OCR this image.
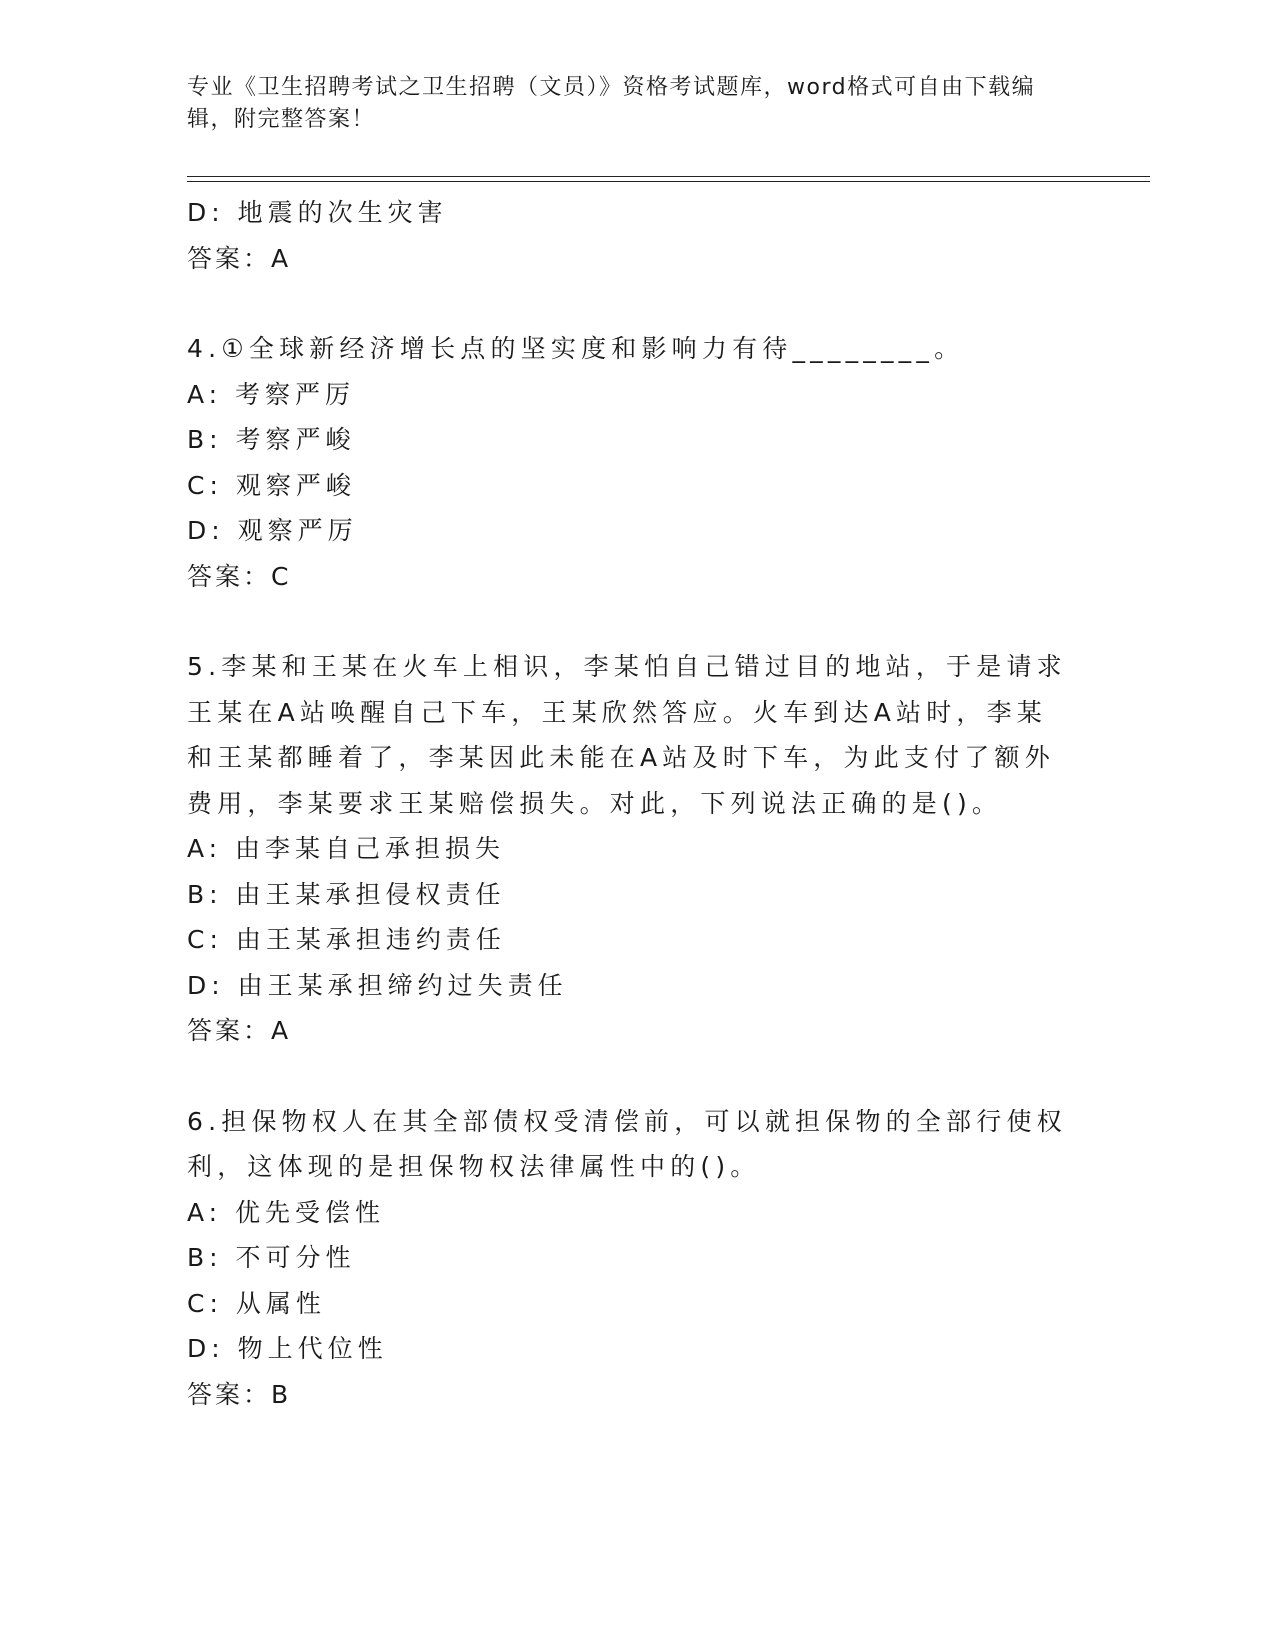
专业《卫生招聘考试之卫生招聘（文员）》资格考试题库，word格式可自由下载编辑，附完整答案！
D: 地震的次生灾害
答案：A
4.①全球新经济增长点的坚实度和影响力有待________。
A: 考察严厉
B: 考察严峻
C: 观察严峻
D: 观察严厉
答案：C
5.李某和王某在火车上相识，李某怕自己错过目的地站，于是请求王某在A站唤醒自己下车，王某欣然答应。火车到达A站时，李某和王某都睡着了，李某因此未能在A站及时下车，为此支付了额外费用，李某要求王某赔偿损失。对此，下列说法正确的是()。
A: 由李某自己承担损失
B: 由王某承担侵权责任
C: 由王某承担违约责任
D: 由王某承担缔约过失责任
答案：A
6.担保物权人在其全部债权受清偿前，可以就担保物的全部行使权利，这体现的是担保物权法律属性中的()。
A: 优先受偿性
B: 不可分性
C: 从属性
D: 物上代位性
答案：B
